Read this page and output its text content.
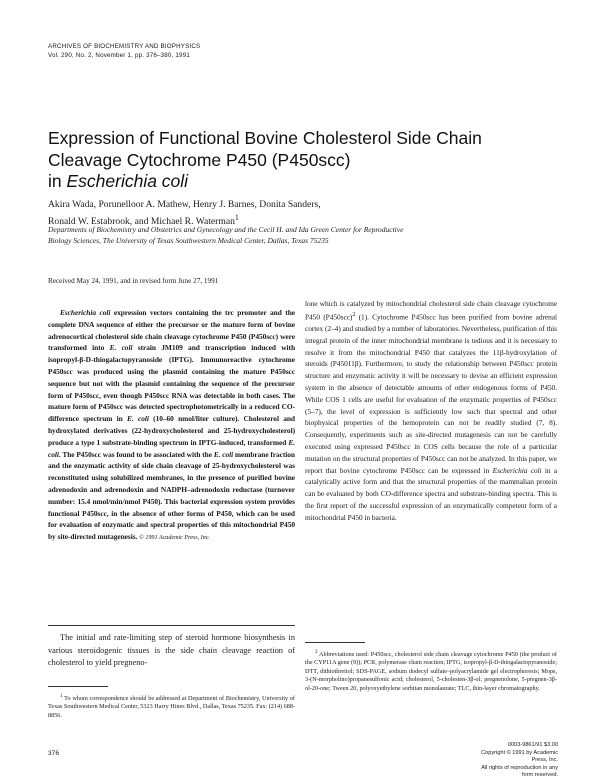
ARCHIVES OF BIOCHEMISTRY AND BIOPHYSICS
Vol. 290, No. 2, November 1, pp. 376–380, 1991
Expression of Functional Bovine Cholesterol Side Chain
Cleavage Cytochrome P450 (P450scc)
in Escherichia coli
Akira Wada, Porunelloor A. Mathew, Henry J. Barnes, Donita Sanders,
Ronald W. Estabrook, and Michael R. Waterman$^1$
Departments of Biochemistry and Obstetrics and Gynecology and the Cecil H. and Ida Green Center for Reproductive
Biology Sciences, The University of Texas Southwestern Medical Center, Dallas, Texas 75235
Received May 24, 1991, and in revised form June 27, 1991
Escherichia coli expression vectors containing the trc promoter and the complete DNA sequence of either the precursor or the mature form of bovine adrenocortical cholesterol side chain cleavage cytochrome P450 (P450scc) were transformed into E. coli strain JM109 and transcription induced with isopropyl-β-D-thiogalactopyranoside (IPTG). Immunoreactive cytochrome P450scc was produced using the plasmid containing the mature P450scc sequence but not with the plasmid containing the sequence of the precursor form of P450scc, even though P450scc RNA was detectable in both cases. The mature form of P450scc was detected spectrophotometrically in a reduced CO-difference spectrum in E. coli (10–60 nmol/liter culture). Cholesterol and hydroxylated derivatives (22-hydroxycholesterol and 25-hydroxycholesterol) produce a type 1 substrate-binding spectrum in IPTG-induced, transformed E. coli. The P450scc was found to be associated with the E. coli membrane fraction and the enzymatic activity of side chain cleavage of 25-hydroxycholesterol was reconstituted using solubilized membranes, in the presence of purified bovine adrenodoxin and adrenodoxin and NADPH–adrenodoxin reductase (turnover number: 15.4 nmol/min/nmol P450). This bacterial expression system provides functional P450scc, in the absence of other forms of P450, which can be used for evaluation of enzymatic and spectral properties of this mitochondrial P450 by site-directed mutagenesis. © 1991 Academic Press, Inc.
lone which is catalyzed by mitochondrial cholesterol side chain cleavage cytochrome P450 $(P450scc)^2$ (1). Cytochrome P450scc has been purified from bovine adrenal cortex (2–4) and studied by a number of laboratories. Nevertheless, purification of this integral protein of the inner mitochondrial membrane is tedious and it is necessary to resolve it from the mitochondrial P450 that catalyzes the 11β-hydroxylation of steroids (P45011β). Furthermore, to study the relationship between P450scc protein structure and enzymatic activity it will be necessary to devise an efficient expression system in the absence of detectable amounts of other endogenous forms of P450. While COS 1 cells are useful for evaluation of the enzymatic properties of P450scc (5–7), the level of expression is sufficiently low such that spectral and other biophysical properties of the hemoprotein can not be readily studied (7, 8). Consequently, experiments such as site-directed mutagenesis can not be carefully executed using expressed P450scc in COS cells because the role of a particular mutation on the structural properties of P450scc can not be analyzed. In this paper, we report that bovine cytochrome P450scc can be expressed in Escherichia coli in a catalytically active form and that the structural properties of the mammalian protein can be evaluated by both CO-difference spectra and substrate-binding spectra. This is the first report of the successful expression of an enzymatically competent form of a mitochondrial P450 in bacteria.
The initial and rate-limiting step of steroid hormone biosynthesis in various steroidogenic tissues is the side chain cleavage reaction of cholesterol to yield pregneno-
$^1$ To whom correspondence should be addressed at Department of Biochemistry, University of Texas Southwestern Medical Center, 5323 Harry Hines Blvd., Dallas, Texas 75235. Fax: (214) 688-8856.
$^2$ Abbreviations used: P450scc, cholesterol side chain cleavage cytochrome P450 (the product of the CYP11A gene (9)); PCR, polymerase chain reaction; IPTG, isopropyl-β-D-thiogalactopyranoside; DTT, dithiothreitol; SDS-PAGE, sodium dodecyl sulfate–polyacrylamide gel electrophoresis; Mops, 3-(N-morpholino)propanesulfonic acid; cholesterol, 5-cholesten-3β-ol; pregnenolone, 5-pregnen-3β-ol-20-one; Tween 20, polyoxyethylene sorbitan monolaurate; TLC, thin-layer chromatography.
376
0003-9861/91 $3.00
Copyright © 1991 by Academic Press, Inc.
All rights of reproduction in any form reserved.
